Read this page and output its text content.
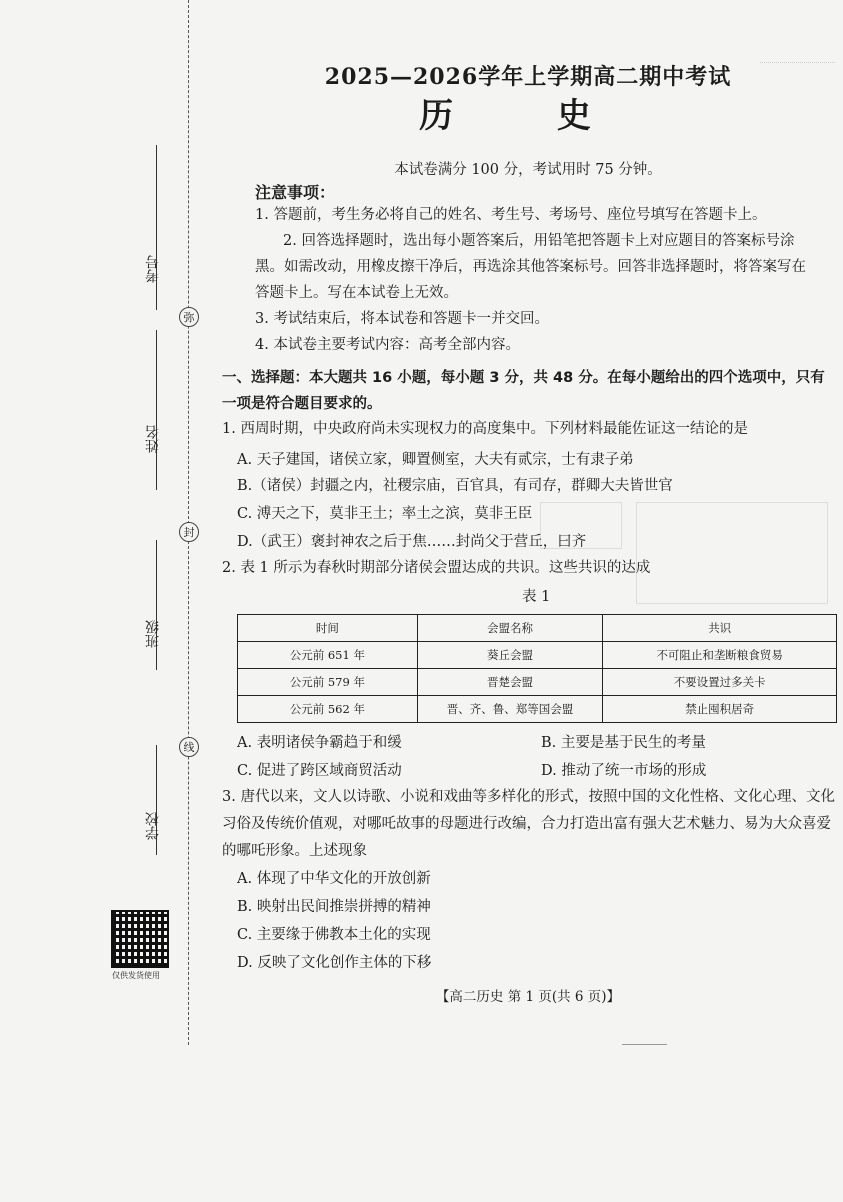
弥
封
线
考号
姓名
班级
学校
仅供发货使用
2025—2026学年上学期高二期中考试
历 史
本试卷满分 100 分，考试用时 75 分钟。
注意事项：
1. 答题前，考生务必将自己的姓名、考生号、考场号、座位号填写在答题卡上。
2. 回答选择题时，选出每小题答案后，用铅笔把答题卡上对应题目的答案标号涂黑。如需改动，用橡皮擦干净后，再选涂其他答案标号。回答非选择题时，将答案写在答题卡上。写在本试卷上无效。
3. 考试结束后，将本试卷和答题卡一并交回。
4. 本试卷主要考试内容：高考全部内容。
一、选择题：本大题共 16 小题，每小题 3 分，共 48 分。在每小题给出的四个选项中，只有一项是符合题目要求的。
1. 西周时期，中央政府尚未实现权力的高度集中。下列材料最能佐证这一结论的是
A. 天子建国，诸侯立家，卿置侧室，大夫有贰宗，士有隶子弟
B.（诸侯）封疆之内，社稷宗庙，百官具，有司存，群卿大夫皆世官
C. 溥天之下，莫非王土；率土之滨，莫非王臣
D.（武王）褒封神农之后于焦……封尚父于营丘，曰齐
2. 表 1 所示为春秋时期部分诸侯会盟达成的共识。这些共识的达成
表 1
时间	会盟名称	共识
公元前 651 年	葵丘会盟	不可阻止和垄断粮食贸易
公元前 579 年	晋楚会盟	不要设置过多关卡
公元前 562 年	晋、齐、鲁、郑等国会盟	禁止囤积居奇
A. 表明诸侯争霸趋于和缓	B. 主要是基于民生的考量
C. 促进了跨区域商贸活动	D. 推动了统一市场的形成
3. 唐代以来，文人以诗歌、小说和戏曲等多样化的形式，按照中国的文化性格、文化心理、文化习俗及传统价值观，对哪吒故事的母题进行改编，合力打造出富有强大艺术魅力、易为大众喜爱的哪吒形象。上述现象
A. 体现了中华文化的开放创新
B. 映射出民间推崇拼搏的精神
C. 主要缘于佛教本土化的实现
D. 反映了文化创作主体的下移
【高二历史 第 1 页(共 6 页)】
